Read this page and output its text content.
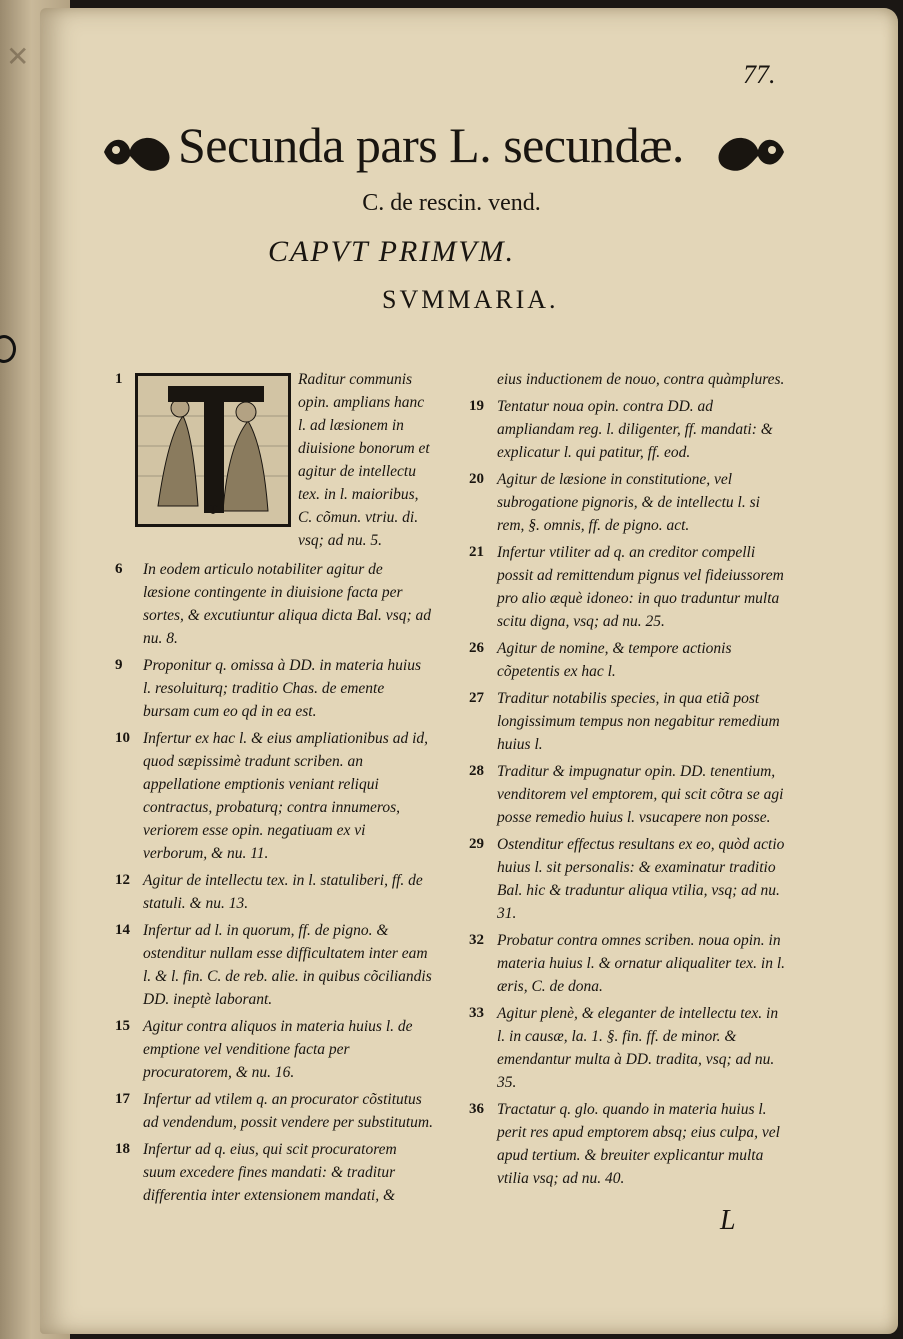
✕
77.
Secunda pars L. secundæ.
C. de rescin. vend.
CAPVT PRIMVM.
SVMMARIA.
T
1	Raditur communis opin. amplians hanc l. ad læsionem in diuisione bonorum et agitur de intellectu tex. in l. maioribus, C. cõmun. vtriu. di. vsq; ad nu. 5.
6 In eodem articulo notabiliter agitur de læsione contingente in diuisione facta per sortes, & excutiuntur aliqua dicta Bal. vsq; ad nu. 8.
9 Proponitur q. omissa à DD. in materia huius l. resoluiturq; traditio Chas. de emente bursam cum eo qd in ea est.
10 Infertur ex hac l. & eius ampliationibus ad id, quod sæpissimè tradunt scriben. an appellatione emptionis veniant reliqui contractus, probaturq; contra innumeros, veriorem esse opin. negatiuam ex vi verborum, & nu. 11.
12 Agitur de intellectu tex. in l. statuliberi, ff. de statuli. & nu. 13.
14 Infertur ad l. in quorum, ff. de pigno. & ostenditur nullam esse difficultatem inter eam l. & l. fin. C. de reb. alie. in quibus cõciliandis DD. ineptè laborant.
15 Agitur contra aliquos in materia huius l. de emptione vel venditione facta per procuratorem, & nu. 16.
17 Infertur ad vtilem q. an procurator cõstitutus ad vendendum, possit vendere per substitutum.
18 Infertur ad q. eius, qui scit procuratorem suum excedere fines mandati: & traditur differentia inter extensionem mandati, &
eius inductionem de nouo, contra quàmplures.
19 Tentatur noua opin. contra DD. ad ampliandam reg. l. diligenter, ff. mandati: & explicatur l. qui patitur, ff. eod.
20 Agitur de læsione in constitutione, vel subrogatione pignoris, & de intellectu l. si rem, §. omnis, ff. de pigno. act.
21 Infertur vtiliter ad q. an creditor compelli possit ad remittendum pignus vel fideiussorem pro alio æquè idoneo: in quo traduntur multa scitu digna, vsq; ad nu. 25.
26 Agitur de nomine, & tempore actionis cõpetentis ex hac l.
27 Traditur notabilis species, in qua etiã post longissimum tempus non negabitur remedium huius l.
28 Traditur & impugnatur opin. DD. tenentium, venditorem vel emptorem, qui scit cõtra se agi posse remedio huius l. vsucapere non posse.
29 Ostenditur effectus resultans ex eo, quòd actio huius l. sit personalis: & examinatur traditio Bal. hic & traduntur aliqua vtilia, vsq; ad nu. 31.
32 Probatur contra omnes scriben. noua opin. in materia huius l. & ornatur aliqualiter tex. in l. æris, C. de dona.
33 Agitur plenè, & eleganter de intellectu tex. in l. in causæ, la. 1. §. fin. ff. de minor. & emendantur multa à DD. tradita, vsq; ad nu. 35.
36 Tractatur q. glo. quando in materia huius l. perit res apud emptorem absq; eius culpa, vel apud tertium. & breuiter explicantur multa vtilia vsq; ad nu. 40.
L
